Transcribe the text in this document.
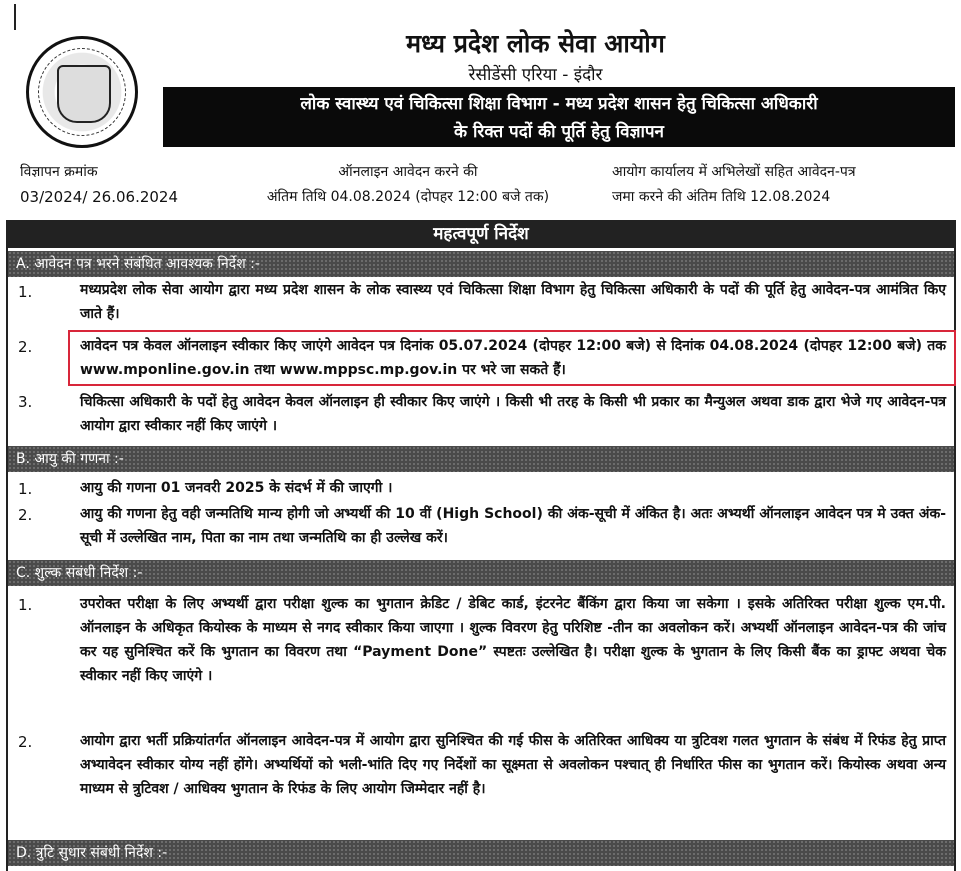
मध्य प्रदेश लोक सेवा आयोग
रेसीडेंसी एरिया - इंदौर
लोक स्वास्थ्य एवं चिकित्सा शिक्षा विभाग - मध्य प्रदेश शासन हेतु चिकित्सा अधिकारी
के रिक्त पदों की पूर्ति हेतु विज्ञापन
विज्ञापन क्रमांक
03/2024/ 26.06.2024
ऑनलाइन आवेदन करने की
अंतिम तिथि 04.08.2024 (दोपहर 12:00 बजे तक)
आयोग कार्यालय में अभिलेखों सहित आवेदन-पत्र
जमा करने की अंतिम तिथि 12.08.2024
महत्वपूर्ण निर्देश
A. आवेदन पत्र भरने संबंधित आवश्यक निर्देश :-
1.	मध्यप्रदेश लोक सेवा आयोग द्वारा मध्य प्रदेश शासन के लोक स्वास्थ्य एवं चिकित्सा शिक्षा विभाग हेतु चिकित्सा अधिकारी के पदों की पूर्ति हेतु आवेदन-पत्र आमंत्रित किए जाते हैं।
2.	आवेदन पत्र केवल ऑनलाइन स्वीकार किए जाएंगे आवेदन पत्र दिनांक 05.07.2024 (दोपहर 12:00 बजे) से दिनांक 04.08.2024 (दोपहर 12:00 बजे) तक www.mponline.gov.in तथा www.mppsc.mp.gov.in पर भरे जा सकते हैं।
3.	चिकित्सा अधिकारी के पदों हेतु आवेदन केवल ऑनलाइन ही स्वीकार किए जाएंगे । किसी भी तरह के किसी भी प्रकार का मैन्युअल अथवा डाक द्वारा भेजे गए आवेदन-पत्र आयोग द्वारा स्वीकार नहीं किए जाएंगे ।
B. आयु की गणना :-
1.	आयु की गणना 01 जनवरी 2025 के संदर्भ में की जाएगी ।
2.	आयु की गणना हेतु वही जन्मतिथि मान्य होगी जो अभ्यर्थी की 10 वीं (High School) की अंक-सूची में अंकित है। अतः अभ्यर्थी ऑनलाइन आवेदन पत्र मे उक्त अंक-सूची में उल्लेखित नाम, पिता का नाम तथा जन्मतिथि का ही उल्लेख करें।
C. शुल्क संबंधी निर्देश :-
1.	उपरोक्त परीक्षा के लिए अभ्यर्थी द्वारा परीक्षा शुल्क का भुगतान क्रेडिट / डेबिट कार्ड, इंटरनेट बैंकिंग द्वारा किया जा सकेगा । इसके अतिरिक्त परीक्षा शुल्क एम.पी. ऑनलाइन के अधिकृत कियोस्क के माध्यम से नगद स्वीकार किया जाएगा । शुल्क विवरण हेतु परिशिष्ट -तीन का अवलोकन करें। अभ्यर्थी ऑनलाइन आवेदन-पत्र की जांच कर यह सुनिश्चित करें कि भुगतान का विवरण तथा “Payment Done” स्पष्टतः उल्लेखित है। परीक्षा शुल्क के भुगतान के लिए किसी बैंक का ड्राफ्ट अथवा चेक स्वीकार नहीं किए जाएंगे ।
2.	आयोग द्वारा भर्ती प्रक्रियांतर्गत ऑनलाइन आवेदन-पत्र में आयोग द्वारा सुनिश्चित की गई फीस के अतिरिक्त आधिक्य या त्रुटिवश गलत भुगतान के संबंध में रिफंड हेतु प्राप्त अभ्यावेदन स्वीकार योग्य नहीं होंगे। अभ्यर्थियों को भली-भांति दिए गए निर्देशों का सूक्ष्मता से अवलोकन पश्चात् ही निर्धारित फीस का भुगतान करें। कियोस्क अथवा अन्य माध्यम से त्रुटिवश / आधिक्य भुगतान के रिफंड के लिए आयोग जिम्मेदार नहीं है।
D. त्रुटि सुधार संबंधी निर्देश :-
